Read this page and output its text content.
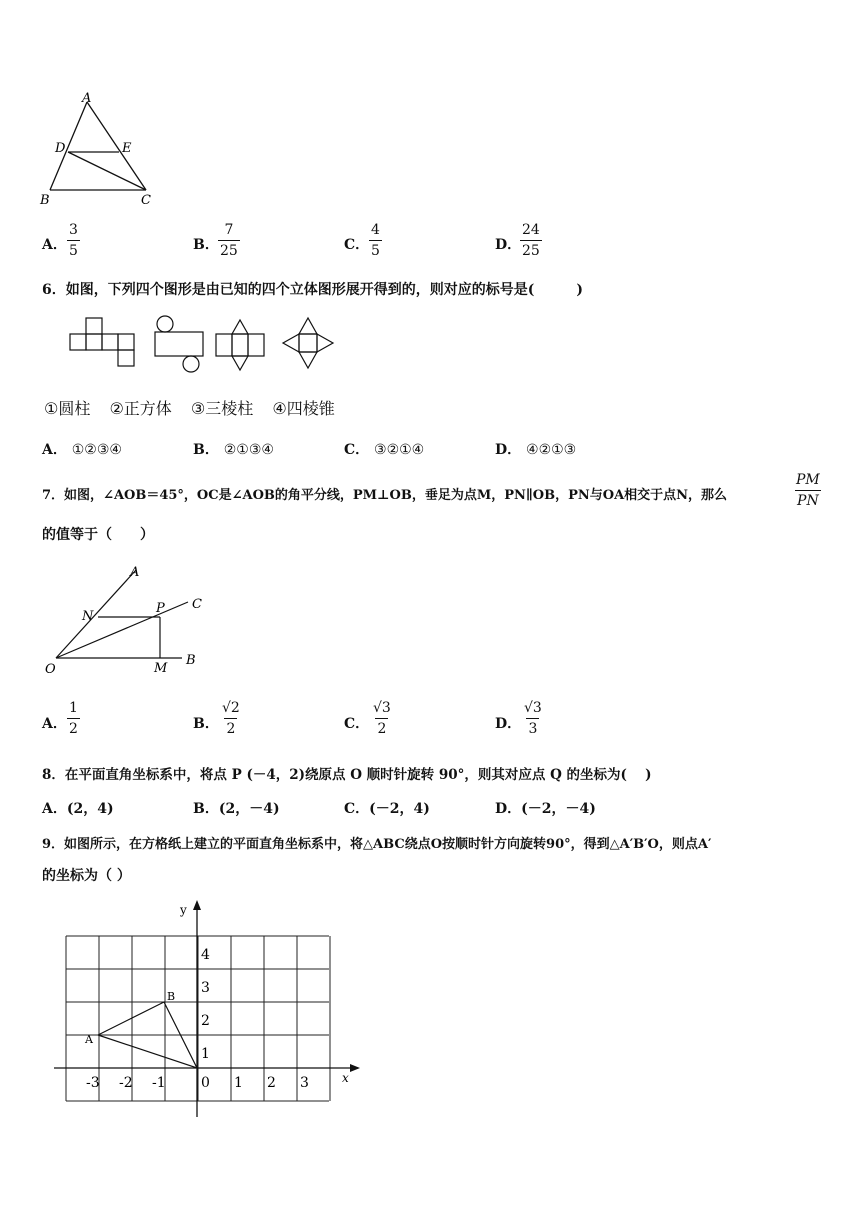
A
D	E
B	C
A． $\frac{3}{5}$	B． $\frac{7}{25}$	C． $\frac{4}{5}$	D．
$\frac{24}{25}$
6．如图，下列四个图形是由已知的四个立体图形展开得到的，则对应的标号是(　　　)
①圆柱 ②正方体 ③三棱柱 ④四棱锥
A． ①②③④	B． ②①③④	C． ③②①④	D． ④②①③
7．如图，∠AOB＝45°，OC是∠AOB的角平分线，PM⊥OB，垂足为点M，PN∥OB，PN与OA相交于点N，那么	$\frac{PM}{PN}$
的值等于（　　）
A
N
P C
O	M
B
A． $\frac{1}{2}$	B． $\frac{√2}{2}$	C． $\frac{√3}{2}$	D． $\frac{√3}{3}$
8．在平面直角坐标系中，将点 P (－4，2)绕原点 O 顺时针旋转 90°，则其对应点 Q 的坐标为(　 )
A．(2，4)	B．(2，－4)	C．(－2，4)	D．(－2，－4)
9．如图所示，在方格纸上建立的平面直角坐标系中，将△ABC绕点O按顺时针方向旋转90°，得到△A′B′O，则点A′
的坐标为（ ）
x
y
-3 -2 -1	0 1 2 3
1
2
3
4
A
B
